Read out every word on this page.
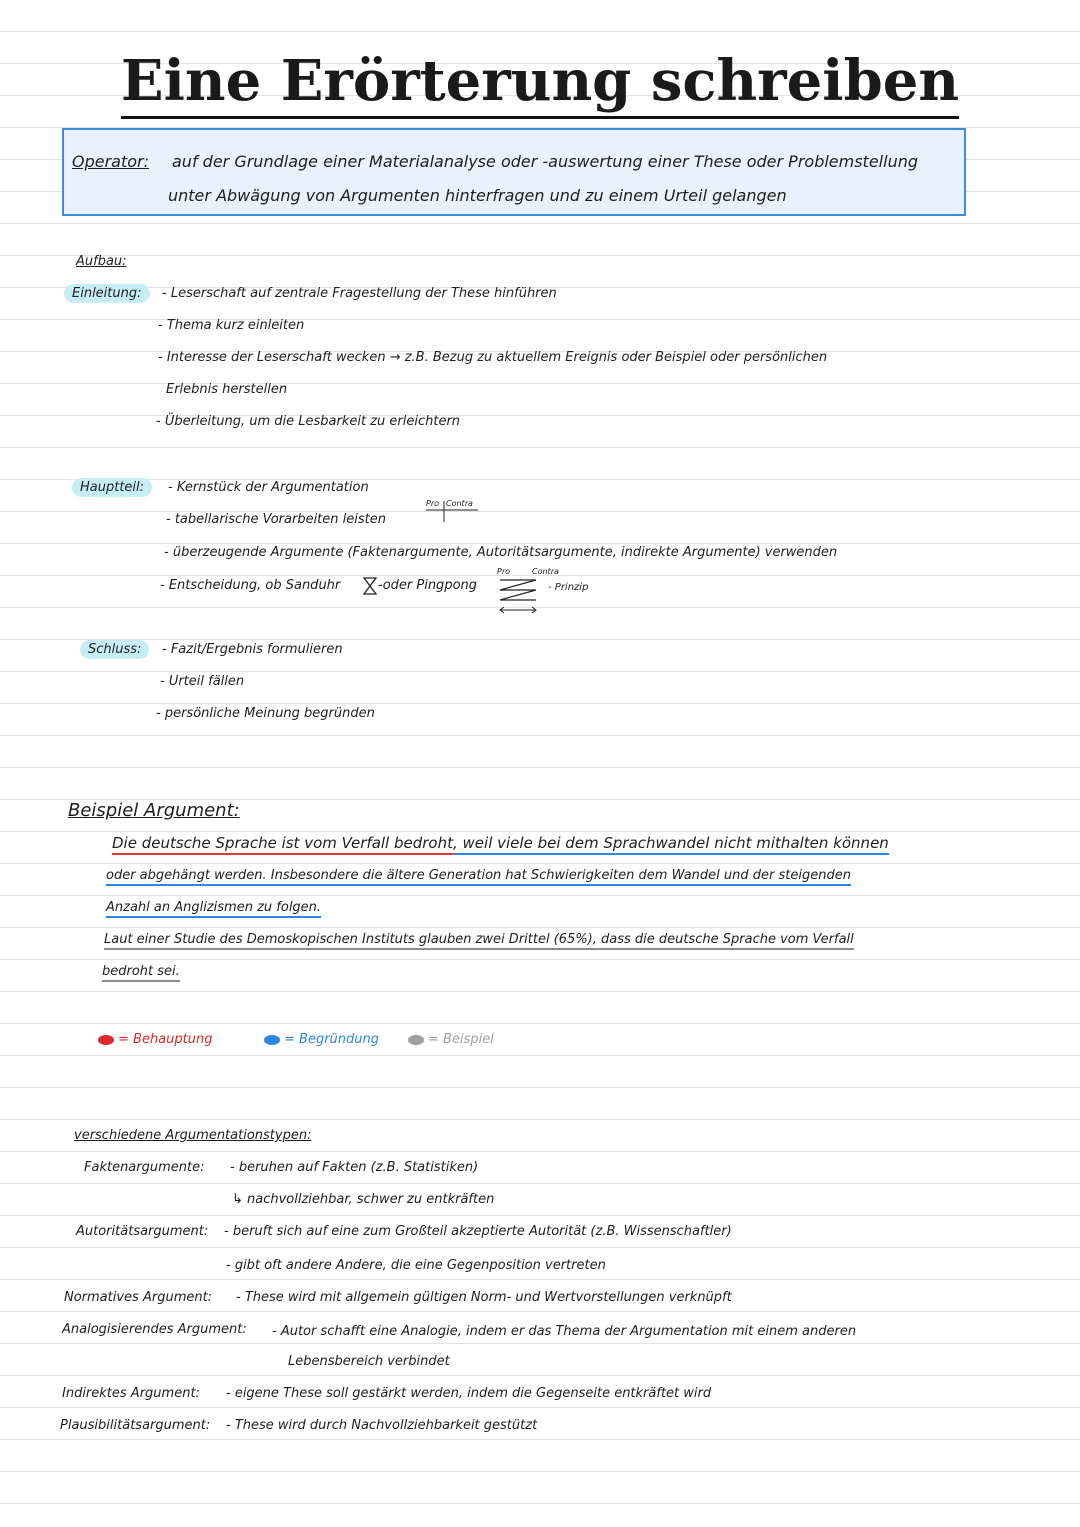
Eine Erörterung schreiben
Operator: auf der Grundlage einer Materialanalyse oder -auswertung einer These oder Problemstellung
unter Abwägung von Argumenten hinterfragen und zu einem Urteil gelangen
Aufbau:
Einleitung:	- Leserschaft auf zentrale Fragestellung der These hinführen
- Thema kurz einleiten
- Interesse der Leserschaft wecken → z.B. Bezug zu aktuellem Ereignis oder Beispiel oder persönlichen
Erlebnis herstellen
- Überleitung, um die Lesbarkeit zu erleichtern
Hauptteil:	- Kernstück der Argumentation
- tabellarische Vorarbeiten leisten
Pro Contra
- überzeugende Argumente (Faktenargumente, Autoritätsargumente, indirekte Argumente) verwenden
- Entscheidung, ob Sanduhr	-oder Pingpong
Pro	Contra
- Prinzip
Schluss:	- Fazit/Ergebnis formulieren
- Urteil fällen
- persönliche Meinung begründen
Beispiel Argument:
Die deutsche Sprache ist vom Verfall bedroht, weil viele bei dem Sprachwandel nicht mithalten können
oder abgehängt werden. Insbesondere die ältere Generation hat Schwierigkeiten dem Wandel und der steigenden
Anzahl an Anglizismen zu folgen.
Laut einer Studie des Demoskopischen Instituts glauben zwei Drittel (65%), dass die deutsche Sprache vom Verfall
bedroht sei.
= Behauptung	= Begründung	= Beispiel
verschiedene Argumentationstypen:
Faktenargumente: - beruhen auf Fakten (z.B. Statistiken)
↳ nachvollziehbar, schwer zu entkräften
Autoritätsargument: - beruft sich auf eine zum Großteil akzeptierte Autorität (z.B. Wissenschaftler)
- gibt oft andere Andere, die eine Gegenposition vertreten
Normatives Argument: - These wird mit allgemein gültigen Norm- und Wertvorstellungen verknüpft
Analogisierendes Argument: - Autor schafft eine Analogie, indem er das Thema der Argumentation mit einem anderen
Lebensbereich verbindet
Indirektes Argument: - eigene These soll gestärkt werden, indem die Gegenseite entkräftet wird
Plausibilitätsargument: - These wird durch Nachvollziehbarkeit gestützt
